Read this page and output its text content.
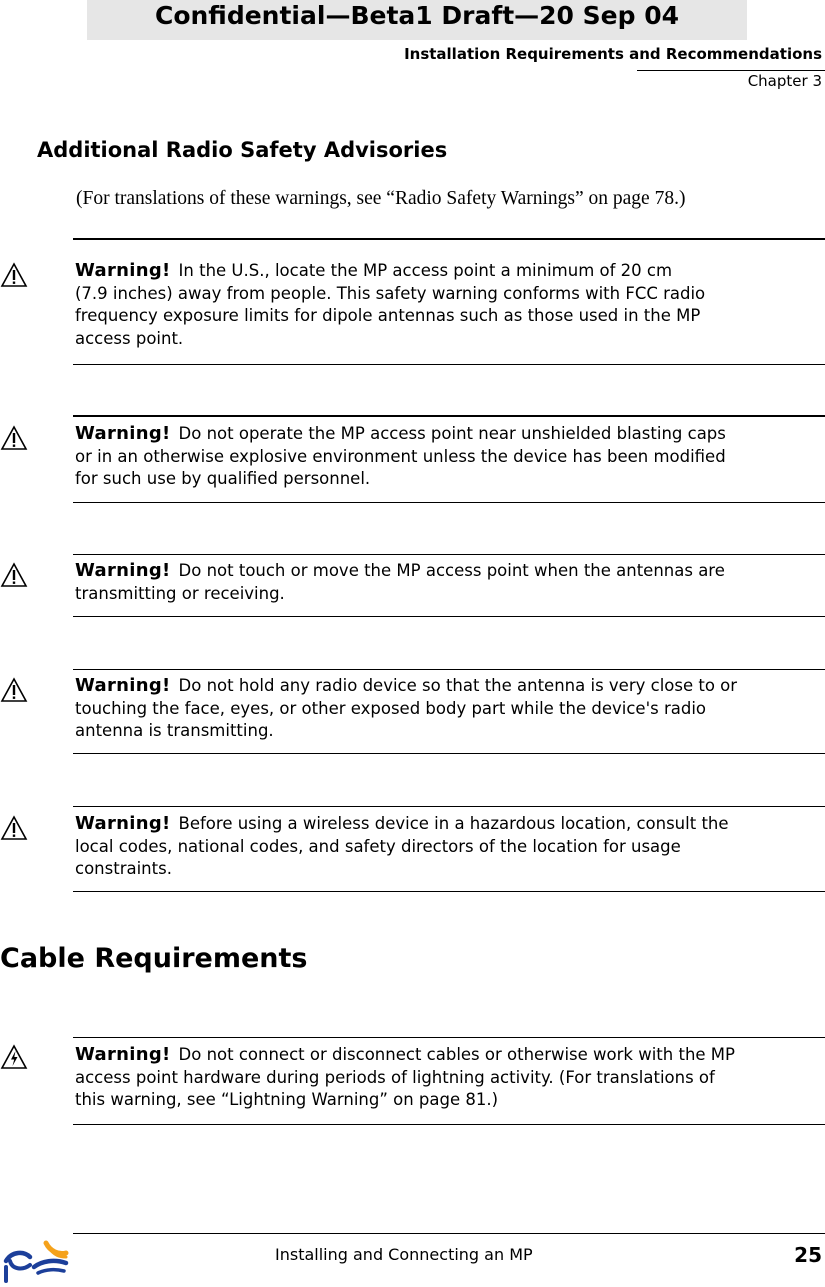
Confidential—Beta1 Draft—20 Sep 04
Installation Requirements and Recommendations
Chapter 3
Additional Radio Safety Advisories
(For translations of these warnings, see “Radio Safety Warnings” on page 78.)
Warning! In the U.S., locate the MP access point a minimum of 20 cm
(7.9 inches) away from people. This safety warning conforms with FCC radio
frequency exposure limits for dipole antennas such as those used in the MP
access point.
Warning! Do not operate the MP access point near unshielded blasting caps
or in an otherwise explosive environment unless the device has been modified
for such use by qualified personnel.
Warning! Do not touch or move the MP access point when the antennas are
transmitting or receiving.
Warning! Do not hold any radio device so that the antenna is very close to or
touching the face, eyes, or other exposed body part while the device's radio
antenna is transmitting.
Warning! Before using a wireless device in a hazardous location, consult the
local codes, national codes, and safety directors of the location for usage
constraints.
Cable Requirements
Warning! Do not connect or disconnect cables or otherwise work with the MP
access point hardware during periods of lightning activity. (For translations of
this warning, see “Lightning Warning” on page 81.)
Installing and Connecting an MP	25
